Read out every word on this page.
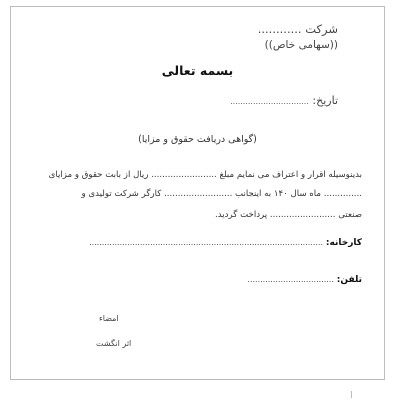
شرکت ............
((سهامی خاص))
بسمه تعالی
تاریخ: ...............................
(گواهی دریافت حقوق و مزایا)
بدینوسیله اقرار و اعتراف می نمایم مبلغ ........................ ریال از بابت حقوق و مزایای
.............. ماه سال ۱۴۰ به اینجانب ......................... کارگر شرکت تولیدی و
صنعتی ........................ پرداخت گردید.
کارخانه: ............................................................................................
تلفن: ..................................
امضاء
اثر انگشت
